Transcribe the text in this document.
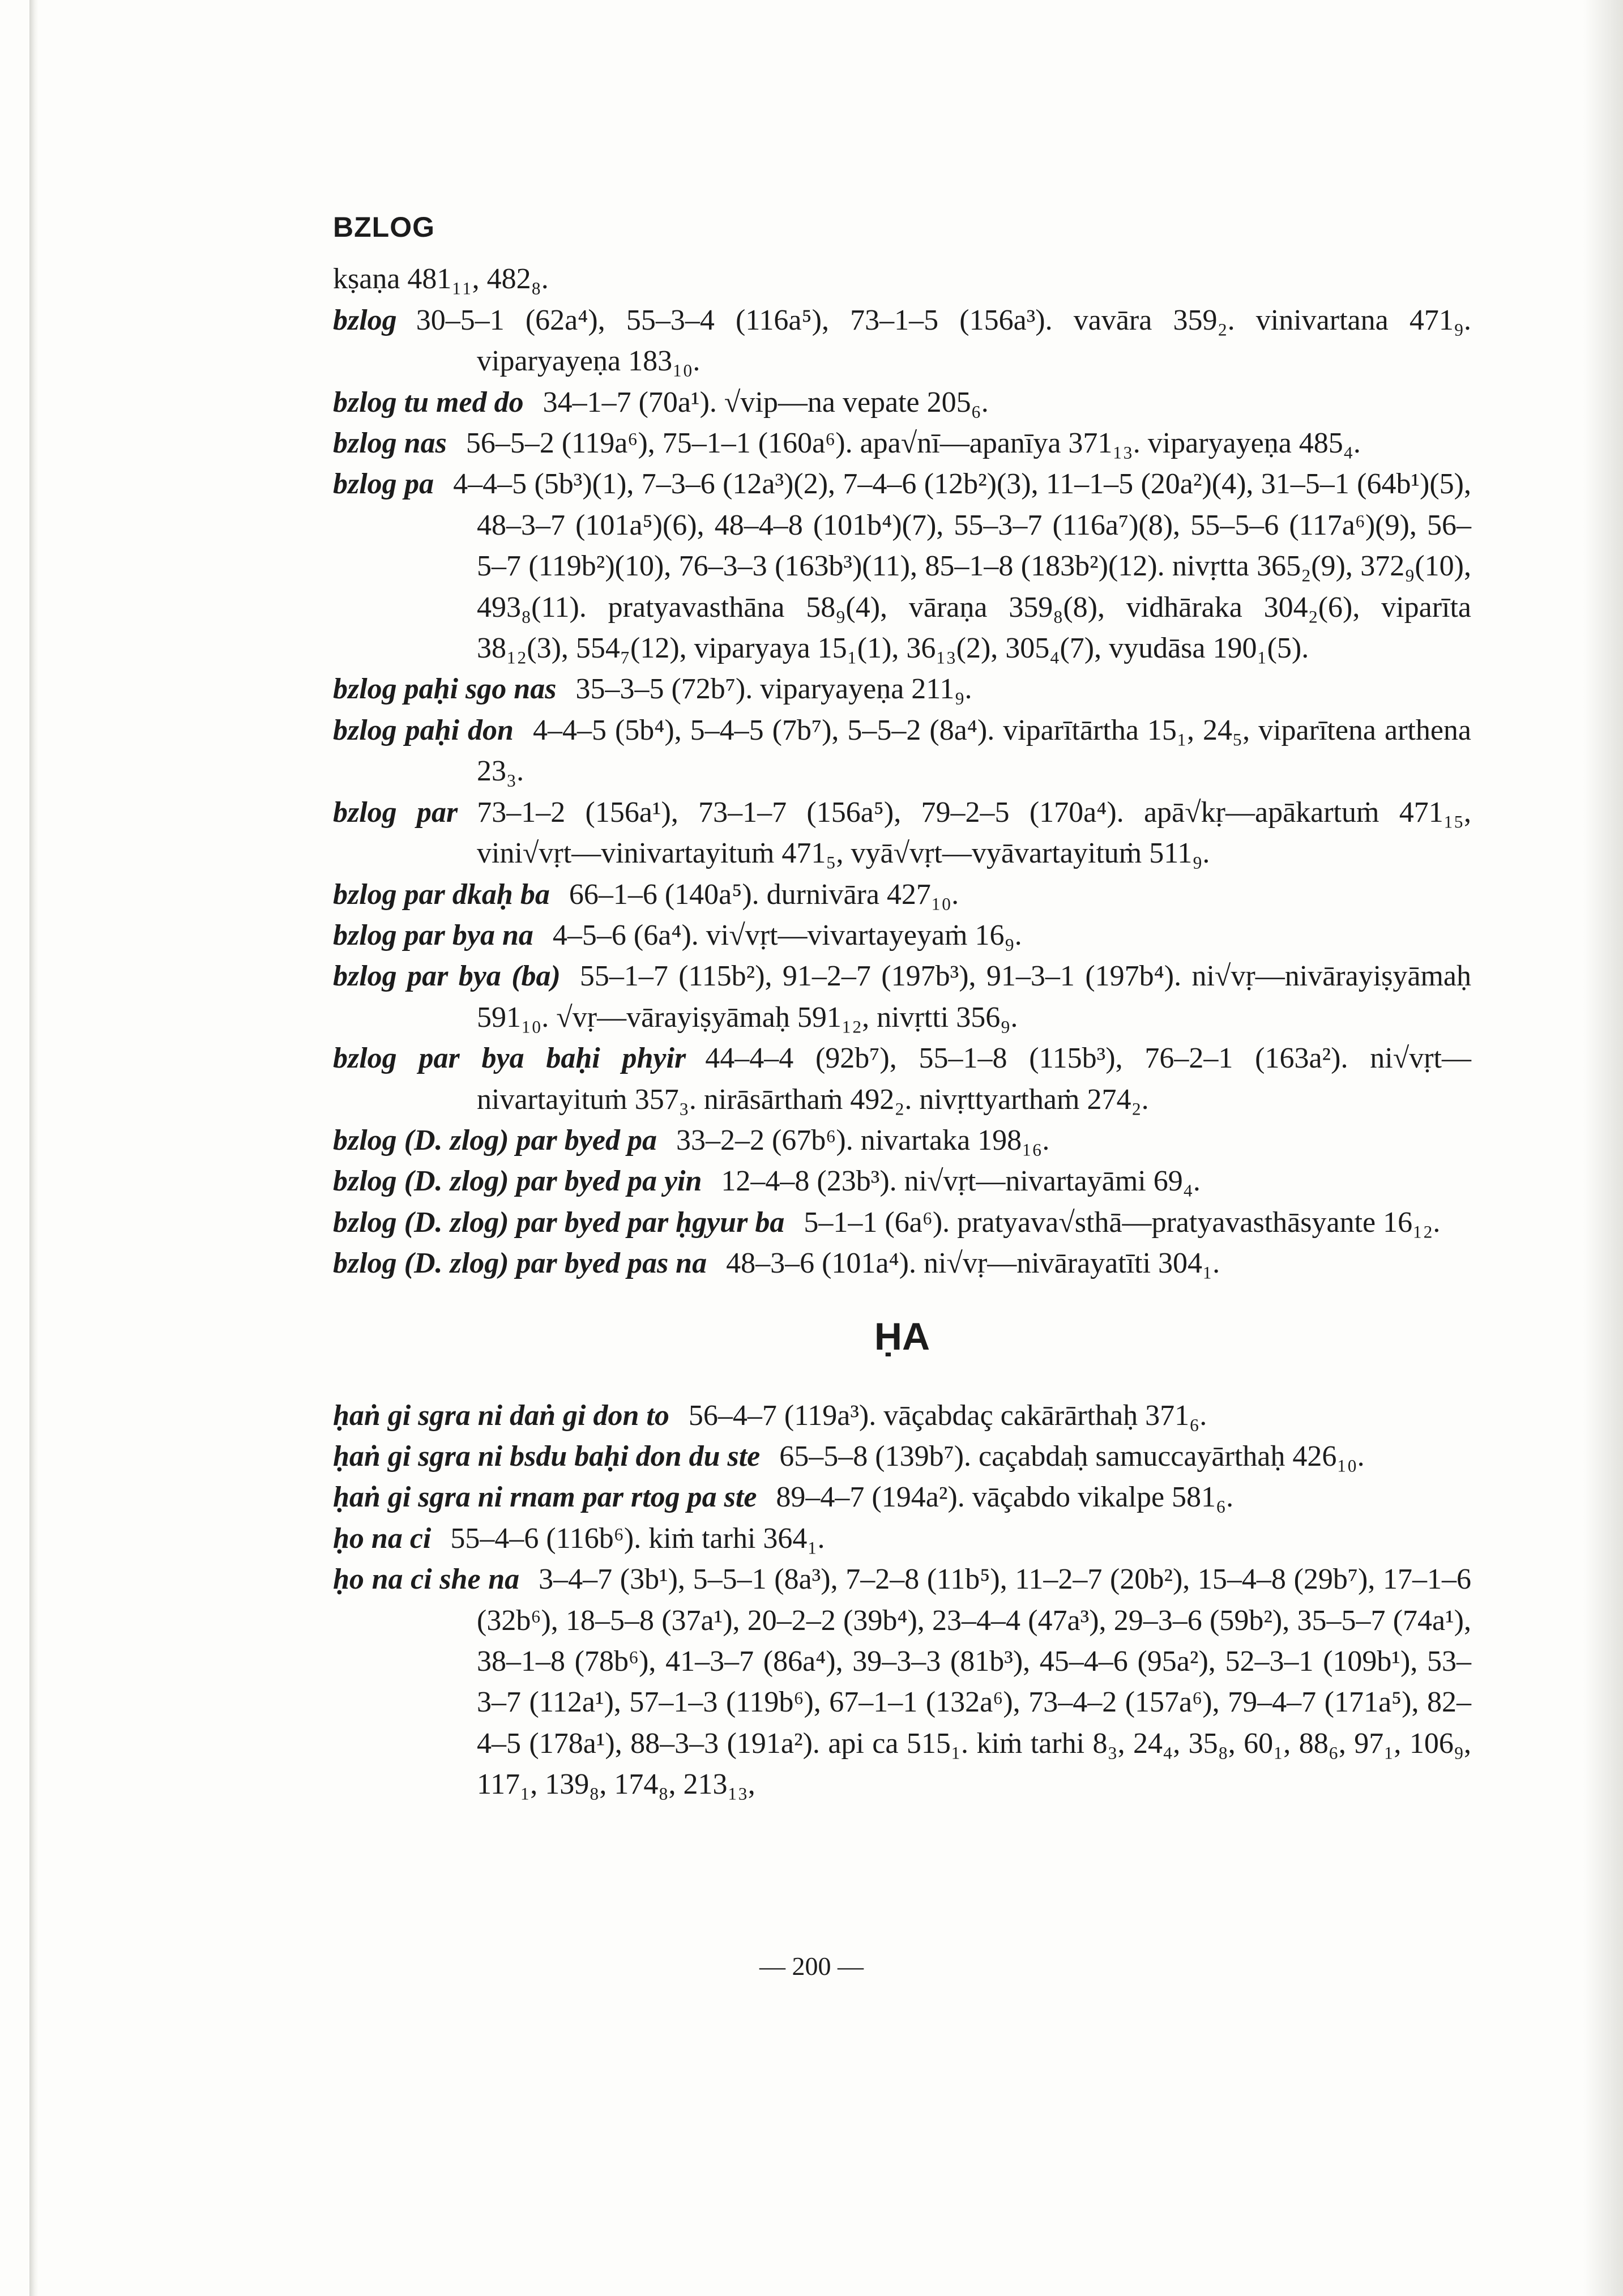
BZLOG
kṣaṇa 481₁₁, 482₈.
bzlog 30–5–1 (62a⁴), 55–3–4 (116a⁵), 73–1–5 (156a³). vavāra 359₂. vinivartana 471₉. viparyayeṇa 183₁₀.
bzlog tu med do 34–1–7 (70a¹). √vip—na vepate 205₆.
bzlog nas 56–5–2 (119a⁶), 75–1–1 (160a⁶). apa√nī—apanīya 371₁₃. viparyayeṇa 485₄.
bzlog pa 4–4–5 (5b³)(1), 7–3–6 (12a³)(2), 7–4–6 (12b²)(3), 11–1–5 (20a²)(4), 31–5–1 (64b¹)(5), 48–3–7 (101a⁵)(6), 48–4–8 (101b⁴)(7), 55–3–7 (116a⁷)(8), 55–5–6 (117a⁶)(9), 56–5–7 (119b²)(10), 76–3–3 (163b³)(11), 85–1–8 (183b²)(12). nivṛtta 365₂(9), 372₉(10), 493₈(11). pratyavasthāna 58₉(4), vāraṇa 359₈(8), vidhāraka 304₂(6), viparīta 38₁₂(3), 554₇(12), viparyaya 15₁(1), 36₁₃(2), 305₄(7), vyudāsa 190₁(5).
bzlog paḥi sgo nas 35–3–5 (72b⁷). viparyayeṇa 211₉.
bzlog paḥi don 4–4–5 (5b⁴), 5–4–5 (7b⁷), 5–5–2 (8a⁴). viparītārtha 15₁, 24₅, viparītena arthena 23₃.
bzlog par 73–1–2 (156a¹), 73–1–7 (156a⁵), 79–2–5 (170a⁴). apā√kṛ—apākartuṁ 471₁₅, vini√vṛt—vinivartayituṁ 471₅, vyā√vṛt—vyāvartayituṁ 511₉.
bzlog par dkaḥ ba 66–1–6 (140a⁵). durnivāra 427₁₀.
bzlog par bya na 4–5–6 (6a⁴). vi√vṛt—vivartayeyaṁ 16₉.
bzlog par bya (ba) 55–1–7 (115b²), 91–2–7 (197b³), 91–3–1 (197b⁴). ni√vṛ—nivārayiṣyāmaḥ 591₁₀. √vṛ—vārayiṣyāmaḥ 591₁₂, nivṛtti 356₉.
bzlog par bya baḥi phyir 44–4–4 (92b⁷), 55–1–8 (115b³), 76–2–1 (163a²). ni√vṛt—nivartayituṁ 357₃. nirāsārthaṁ 492₂. nivṛttyarthaṁ 274₂.
bzlog (D. zlog) par byed pa 33–2–2 (67b⁶). nivartaka 198₁₆.
bzlog (D. zlog) par byed pa yin 12–4–8 (23b³). ni√vṛt—nivartayāmi 69₄.
bzlog (D. zlog) par byed par ḥgyur ba 5–1–1 (6a⁶). pratyava√sthā—pratyavasthāsyante 16₁₂.
bzlog (D. zlog) par byed pas na 48–3–6 (101a⁴). ni√vṛ—nivārayatīti 304₁.
ḤA
ḥaṅ gi sgra ni daṅ gi don to 56–4–7 (119a³). vāçabdaç cakārārthaḥ 371₆.
ḥaṅ gi sgra ni bsdu baḥi don du ste 65–5–8 (139b⁷). caçabdaḥ samuccayārthaḥ 426₁₀.
ḥaṅ gi sgra ni rnam par rtog pa ste 89–4–7 (194a²). vāçabdo vikalpe 581₆.
ḥo na ci 55–4–6 (116b⁶). kiṁ tarhi 364₁.
ḥo na ci she na 3–4–7 (3b¹), 5–5–1 (8a³), 7–2–8 (11b⁵), 11–2–7 (20b²), 15–4–8 (29b⁷), 17–1–6 (32b⁶), 18–5–8 (37a¹), 20–2–2 (39b⁴), 23–4–4 (47a³), 29–3–6 (59b²), 35–5–7 (74a¹), 38–1–8 (78b⁶), 41–3–7 (86a⁴), 39–3–3 (81b³), 45–4–6 (95a²), 52–3–1 (109b¹), 53–3–7 (112a¹), 57–1–3 (119b⁶), 67–1–1 (132a⁶), 73–4–2 (157a⁶), 79–4–7 (171a⁵), 82–4–5 (178a¹), 88–3–3 (191a²). api ca 515₁. kiṁ tarhi 8₃, 24₄, 35₈, 60₁, 88₆, 97₁, 106₉, 117₁, 139₈, 174₈, 213₁₃,
— 200 —
